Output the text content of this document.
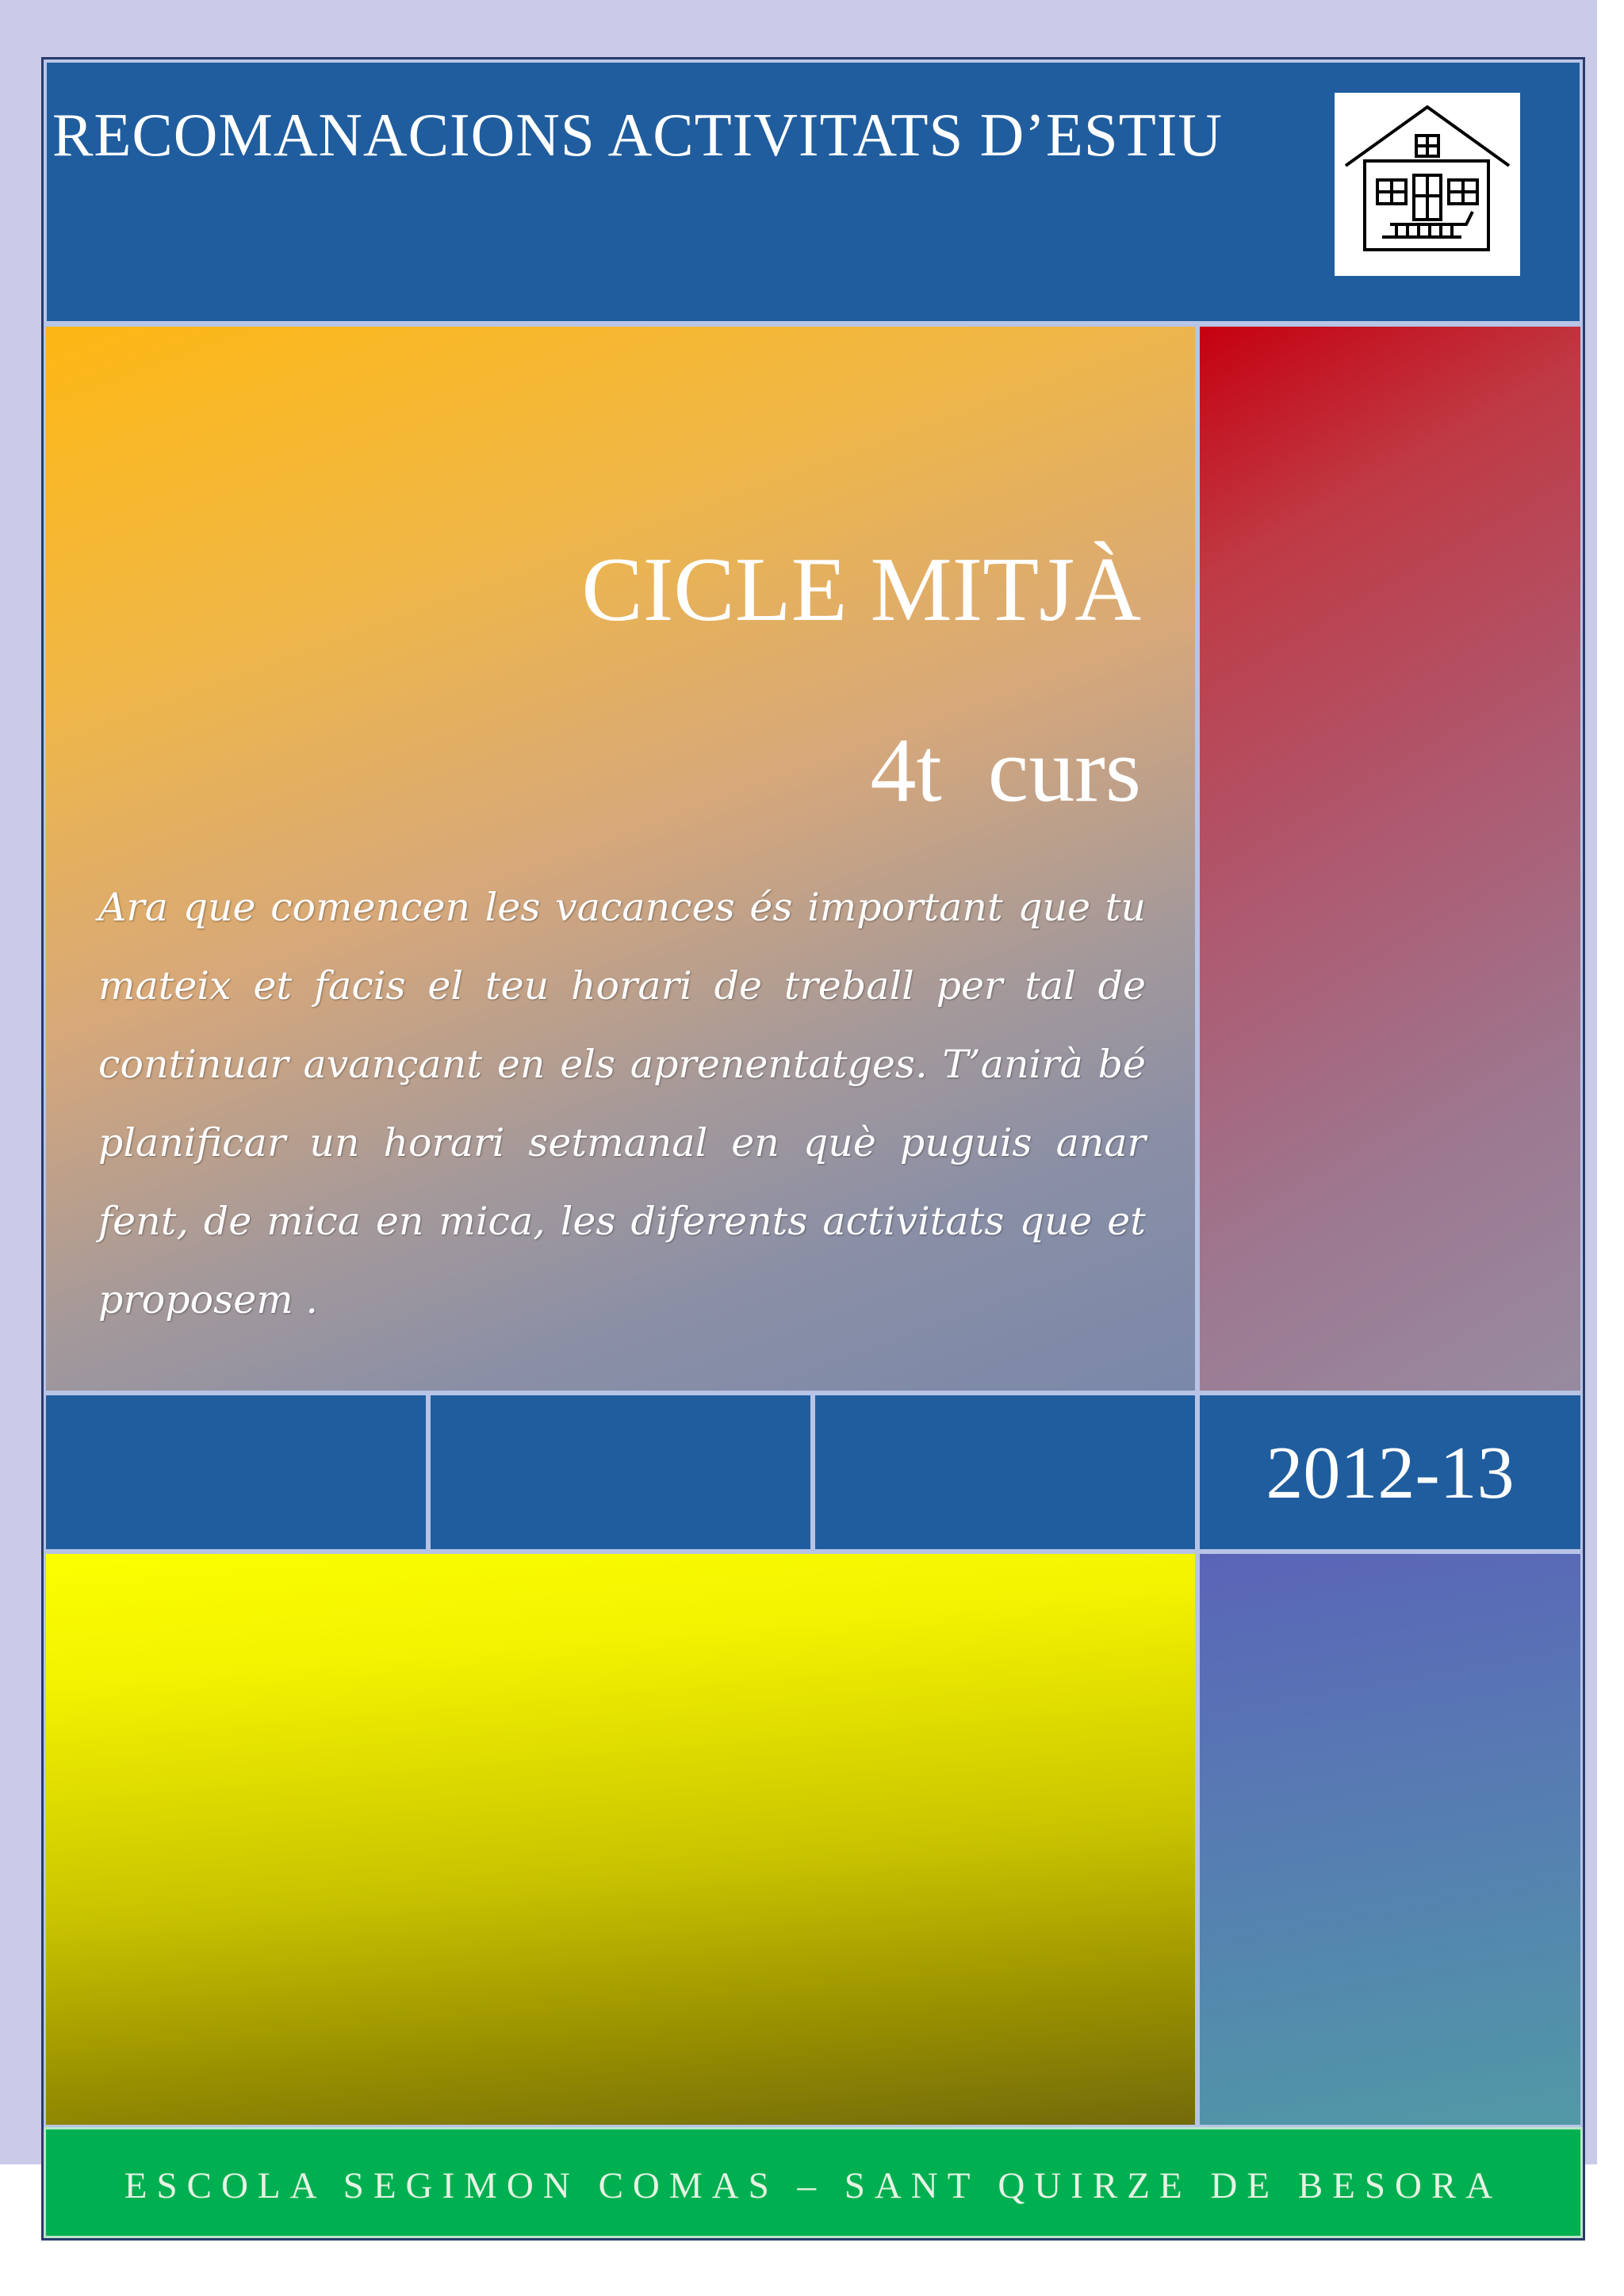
RECOMANACIONS ACTIVITATS D’ESTIU
CICLE MITJÀ
4t  curs
Ara que comencen les vacances és important que tu mateix et facis el teu horari de treball per tal de continuar avançant en els aprenentatges. T’anirà bé planificar un horari setmanal en què puguis anar fent, de mica en mica, les diferents activitats que et proposem .
2012-13
ESCOLA SEGIMON COMAS – SANT QUIRZE DE BESORA
